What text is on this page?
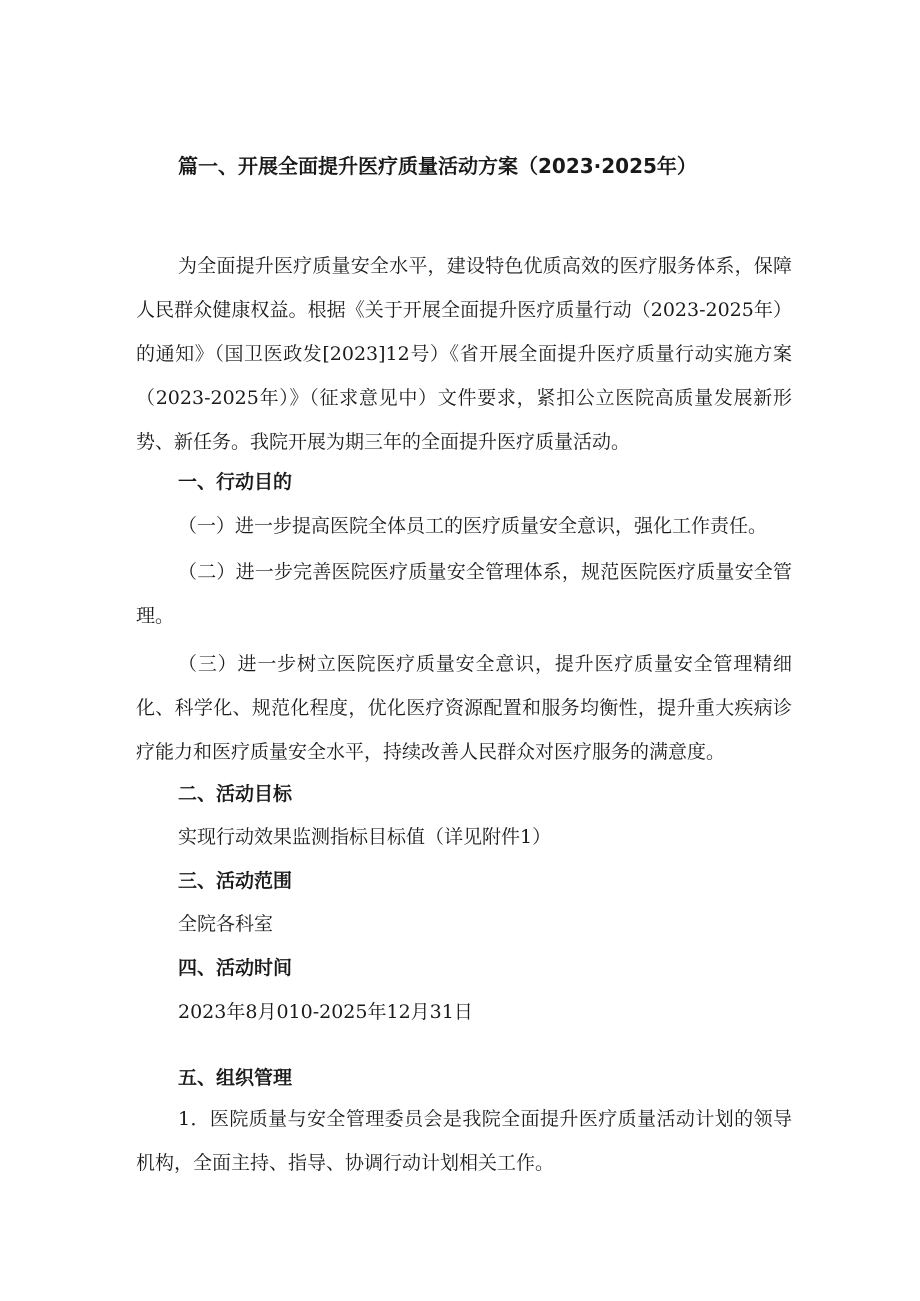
篇一、开展全面提升医疗质量活动方案（2023·2025年）
为全面提升医疗质量安全水平，建设特色优质高效的医疗服务体系，保障人民群众健康权益。根据《关于开展全面提升医疗质量行动（2023-2025年）的通知》（国卫医政发[2023]12号）《省开展全面提升医疗质量行动实施方案（2023-2025年）》（征求意见中）文件要求，紧扣公立医院高质量发展新形势、新任务。我院开展为期三年的全面提升医疗质量活动。
一、行动目的
（一）进一步提高医院全体员工的医疗质量安全意识，强化工作责任。
（二）进一步完善医院医疗质量安全管理体系，规范医院医疗质量安全管理。
（三）进一步树立医院医疗质量安全意识，提升医疗质量安全管理精细化、科学化、规范化程度，优化医疗资源配置和服务均衡性，提升重大疾病诊疗能力和医疗质量安全水平，持续改善人民群众对医疗服务的满意度。
二、活动目标
实现行动效果监测指标目标值（详见附件1）
三、活动范围
全院各科室
四、活动时间
2023年8月010-2025年12月31日
五、组织管理
1．医院质量与安全管理委员会是我院全面提升医疗质量活动计划的领导机构，全面主持、指导、协调行动计划相关工作。
